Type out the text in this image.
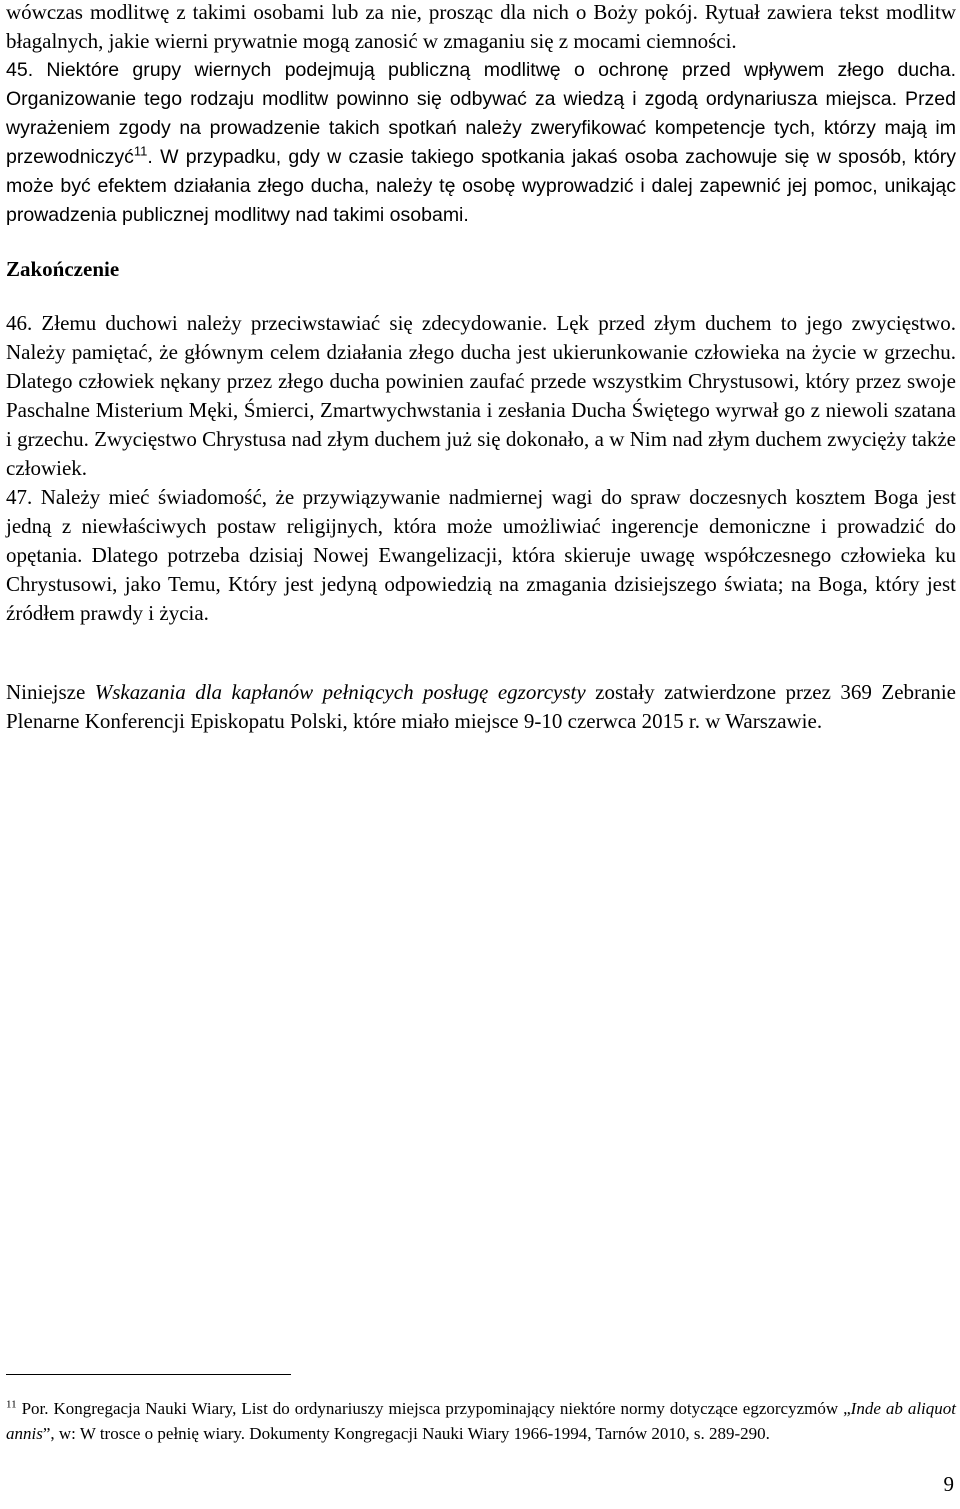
wówczas modlitwę z takimi osobami lub za nie, prosząc dla nich o Boży pokój. Rytuał zawiera tekst modlitw błagalnych, jakie wierni prywatnie mogą zanosić w zmaganiu się z mocami ciemności.

45. Niektóre grupy wiernych podejmują publiczną modlitwę o ochronę przed wpływem złego ducha. Organizowanie tego rodzaju modlitw powinno się odbywać za wiedzą i zgodą ordynariusza miejsca. Przed wyrażeniem zgody na prowadzenie takich spotkań należy zweryfikować kompetencje tych, którzy mają im przewodniczyć$^{11}$. W przypadku, gdy w czasie takiego spotkania jakaś osoba zachowuje się w sposób, który może być efektem działania złego ducha, należy tę osobę wyprowadzić i dalej zapewnić jej pomoc, unikając prowadzenia publicznej modlitwy nad takimi osobami.

Zakończenie

46. Złemu duchowi należy przeciwstawiać się zdecydowanie. Lęk przed złym duchem to jego zwycięstwo. Należy pamiętać, że głównym celem działania złego ducha jest ukierunkowanie człowieka na życie w grzechu. Dlatego człowiek nękany przez złego ducha powinien zaufać przede wszystkim Chrystusowi, który przez swoje Paschalne Misterium Męki, Śmierci, Zmartwychwstania i zesłania Ducha Świętego wyrwał go z niewoli szatana i grzechu. Zwycięstwo Chrystusa nad złym duchem już się dokonało, a w Nim nad złym duchem zwycięży także człowiek.

47. Należy mieć świadomość, że przywiązywanie nadmiernej wagi do spraw doczesnych kosztem Boga jest jedną z niewłaściwych postaw religijnych, która może umożliwiać ingerencje demoniczne i prowadzić do opętania. Dlatego potrzeba dzisiaj Nowej Ewangelizacji, która skieruje uwagę współczesnego człowieka ku Chrystusowi, jako Temu, Który jest jedyną odpowiedzią na zmagania dzisiejszego świata; na Boga, który jest źródłem prawdy i życia.

Niniejsze Wskazania dla kapłanów pełniących posługę egzorcysty zostały zatwierdzone przez 369 Zebranie Plenarne Konferencji Episkopatu Polski, które miało miejsce 9-10 czerwca 2015 r. w Warszawie.

$^{11}$ Por. Kongregacja Nauki Wiary, List do ordynariuszy miejsca przypominający niektóre normy dotyczące egzorcyzmów „Inde ab aliquot annis”, w: W trosce o pełnię wiary. Dokumenty Kongregacji Nauki Wiary 1966-1994, Tarnów 2010, s. 289-290.
9
